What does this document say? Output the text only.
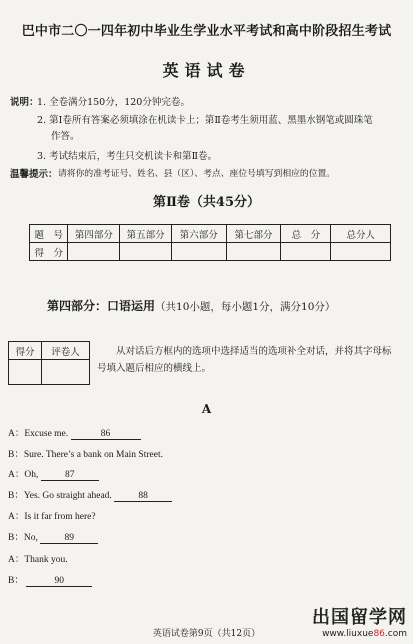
巴中市二〇一四年初中毕业生学业水平考试和高中阶段招生考试
英语试卷
说明：
1. 全卷满分150分，120分钟完卷。
2. 第Ⅰ卷所有答案必须填涂在机读卡上；第Ⅱ卷考生须用蓝、黑墨水钢笔或圆珠笔
作答。
3. 考试结束后，考生只交机读卡和第Ⅱ卷。
温馨提示： 请将你的准考证号、姓名、县（区）、考点、座位号填写到相应的位置。
第Ⅱ卷（共45分）
题　号	第四部分	第五部分	第六部分	第七部分	总　分	总分人
得　分						
第四部分：口语运用（共10小题，每小题1分，满分10分）
得分	评卷人
		从对话后方框内的选项中选择适当的选项补全对话，并将其字母标
号填入题后相应的横线上。
A
A：Excuse me.	86
B：Sure. There’s a bank on Main Street.
A：Oh,	87
B：Yes. Go straight ahead.	88
A：Is it far from here?
B：No,	89
A：Thank you.
B：	90
出国留学网
www.liuxue86.com
英语试卷第9页（共12页）
